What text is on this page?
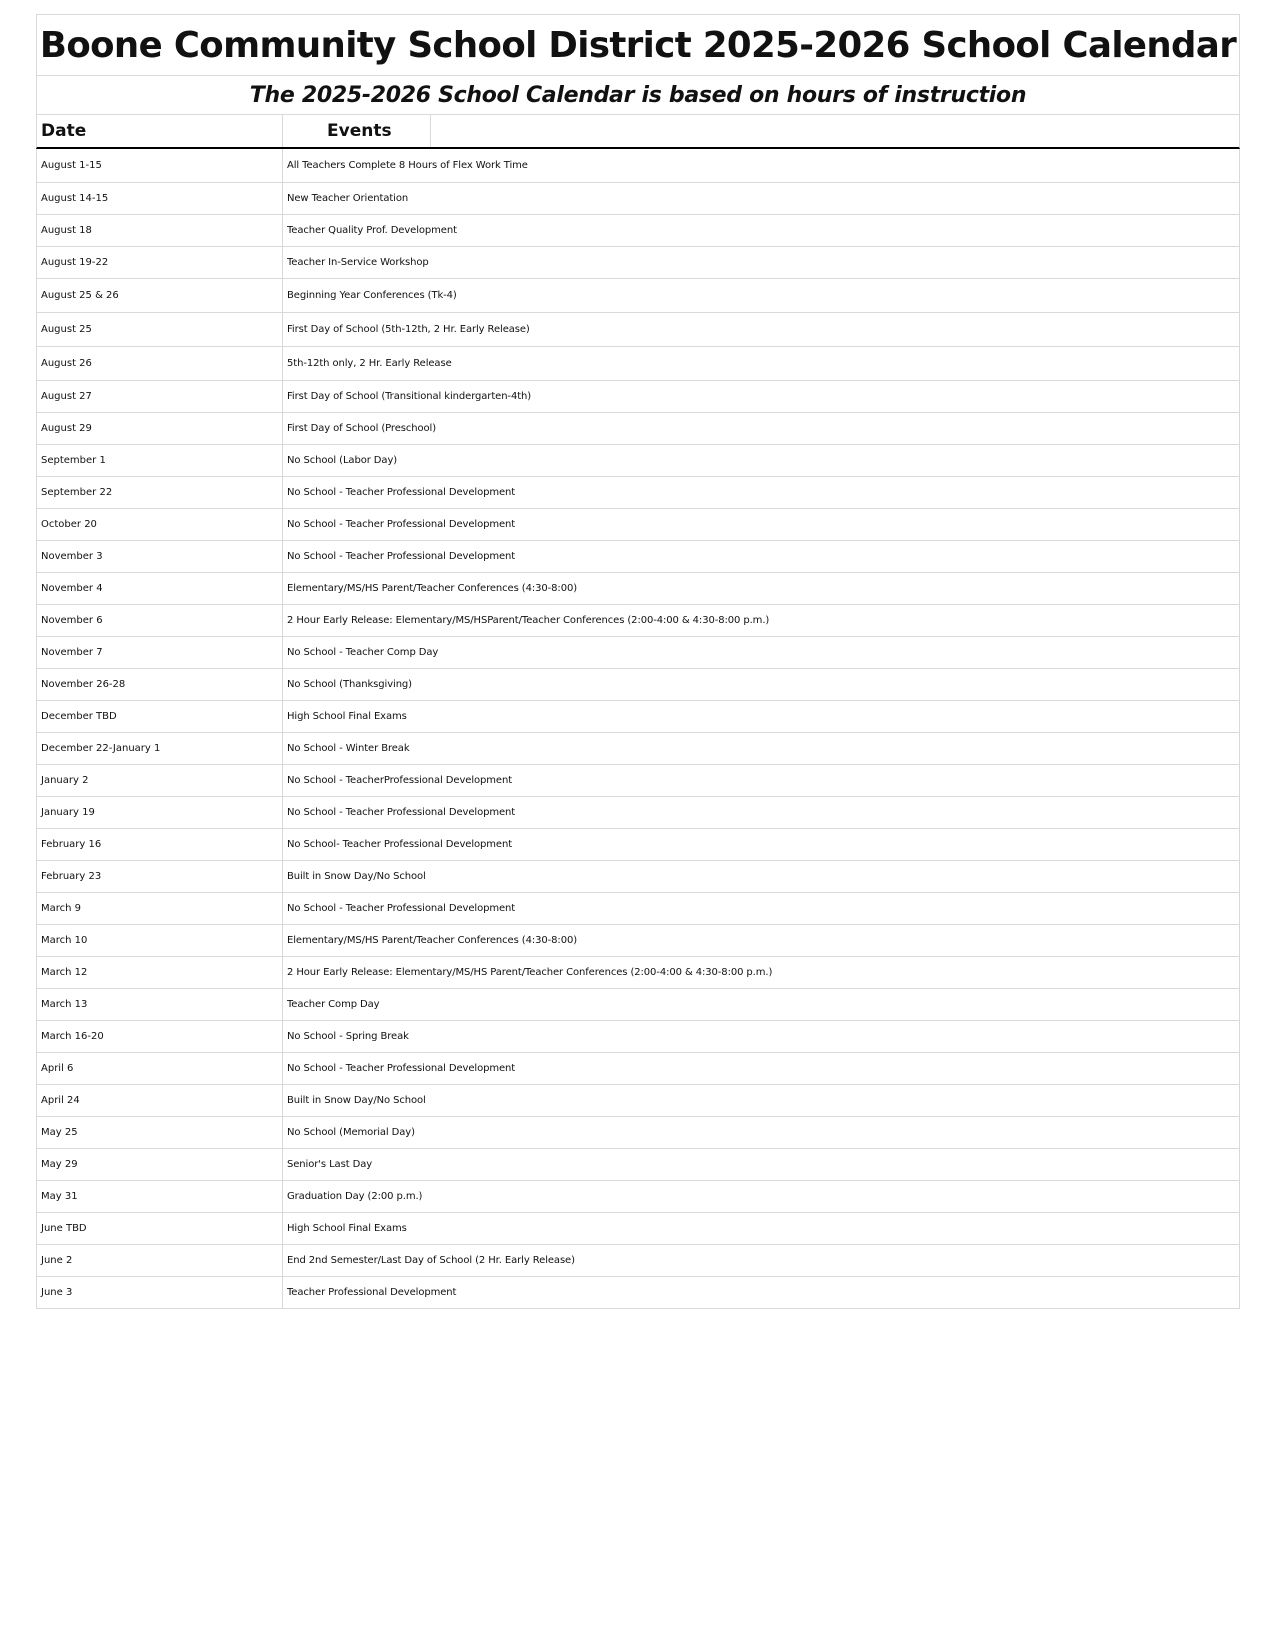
Boone Community School District 2025-2026 School Calendar
The 2025-2026 School Calendar is based on hours of instruction
Date	Events
August 1-15	All Teachers Complete 8 Hours of Flex Work Time
August 14-15	New Teacher Orientation
August 18	Teacher Quality Prof. Development
August 19-22	Teacher In-Service Workshop
August 25 & 26	Beginning Year Conferences (Tk-4)
August 25	First Day of School (5th-12th, 2 Hr. Early Release)
August 26	5th-12th only, 2 Hr. Early Release
August 27	First Day of School (Transitional kindergarten-4th)
August 29	First Day of School (Preschool)
September 1	No School (Labor Day)
September 22	No School - Teacher Professional Development
October 20	No School - Teacher Professional Development
November 3	No School - Teacher Professional Development
November 4	Elementary/MS/HS Parent/Teacher Conferences (4:30-8:00)
November 6	2 Hour Early Release: Elementary/MS/HSParent/Teacher Conferences (2:00-4:00 & 4:30-8:00 p.m.)
November 7	No School - Teacher Comp Day
November 26-28	No School (Thanksgiving)
December TBD	High School Final Exams
December 22-January 1	No School - Winter Break
January 2	No School - TeacherProfessional Development
January 19	No School - Teacher Professional Development
February 16	No School- Teacher Professional Development
February 23	Built in Snow Day/No School
March 9	No School - Teacher Professional Development
March 10	Elementary/MS/HS Parent/Teacher Conferences (4:30-8:00)
March 12	2 Hour Early Release: Elementary/MS/HS Parent/Teacher Conferences (2:00-4:00 & 4:30-8:00 p.m.)
March 13	Teacher Comp Day
March 16-20	No School - Spring Break
April 6	No School - Teacher Professional Development
April 24	Built in Snow Day/No School
May 25	No School (Memorial Day)
May 29	Senior's Last Day
May 31	Graduation Day (2:00 p.m.)
June TBD	High School Final Exams
June 2	End 2nd Semester/Last Day of School (2 Hr. Early Release)
June 3	Teacher Professional Development
